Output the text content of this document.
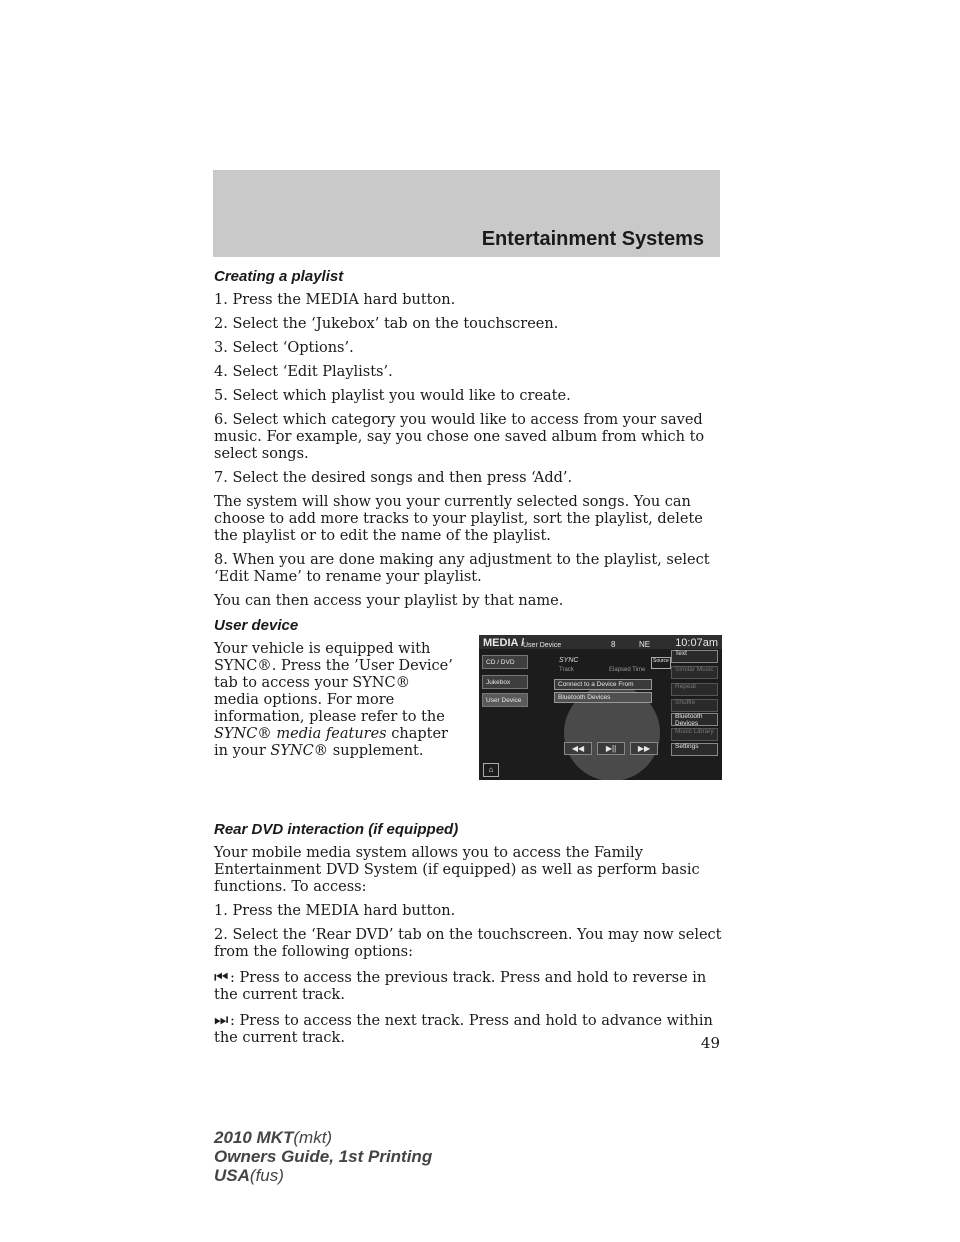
Entertainment Systems
Creating a playlist

1. Press the MEDIA hard button.

2. Select the ‘Jukebox’ tab on the touchscreen.

3. Select ‘Options’.

4. Select ‘Edit Playlists’.

5. Select which playlist you would like to create.

6. Select which category you would like to access from your saved music. For example, say you chose one saved album from which to select songs.

7. Select the desired songs and then press ‘Add’.

The system will show you your currently selected songs. You can choose to add more tracks to your playlist, sort the playlist, delete the playlist or to edit the name of the playlist.

8. When you are done making any adjustment to the playlist, select ‘Edit Name’ to rename your playlist.

You can then access your playlist by that name.

User device
Your vehicle is equipped with SYNC®. Press the ’User Device’ tab to access your SYNC® media options. For more information, please refer to the SYNC® media features chapter in your SYNC® supplement.
MEDIA /
User Device	8	NE 10:07am
CD / DVD
Jukebox
User Device
SYNC
Track	Elapsed Time
Source
Connect to a Device From
Bluetooth Devices
Text
Similar Music
Repeat
Shuffle
Bluetooth Devices
Music Library
Settings
◀◀	▶||	▶▶
⌂
Rear DVD interaction (if equipped)

Your mobile media system allows you to access the Family Entertainment DVD System (if equipped) as well as perform basic functions. To access:

1. Press the MEDIA hard button.

2. Select the ‘Rear DVD’ tab on the touchscreen. You may now select from the following options:

⏮ : Press to access the previous track. Press and hold to reverse in the current track.

⏭ : Press to access the next track. Press and hold to advance within the current track.	49
2010 MKT(mkt)
Owners Guide, 1st Printing
USA(fus)
